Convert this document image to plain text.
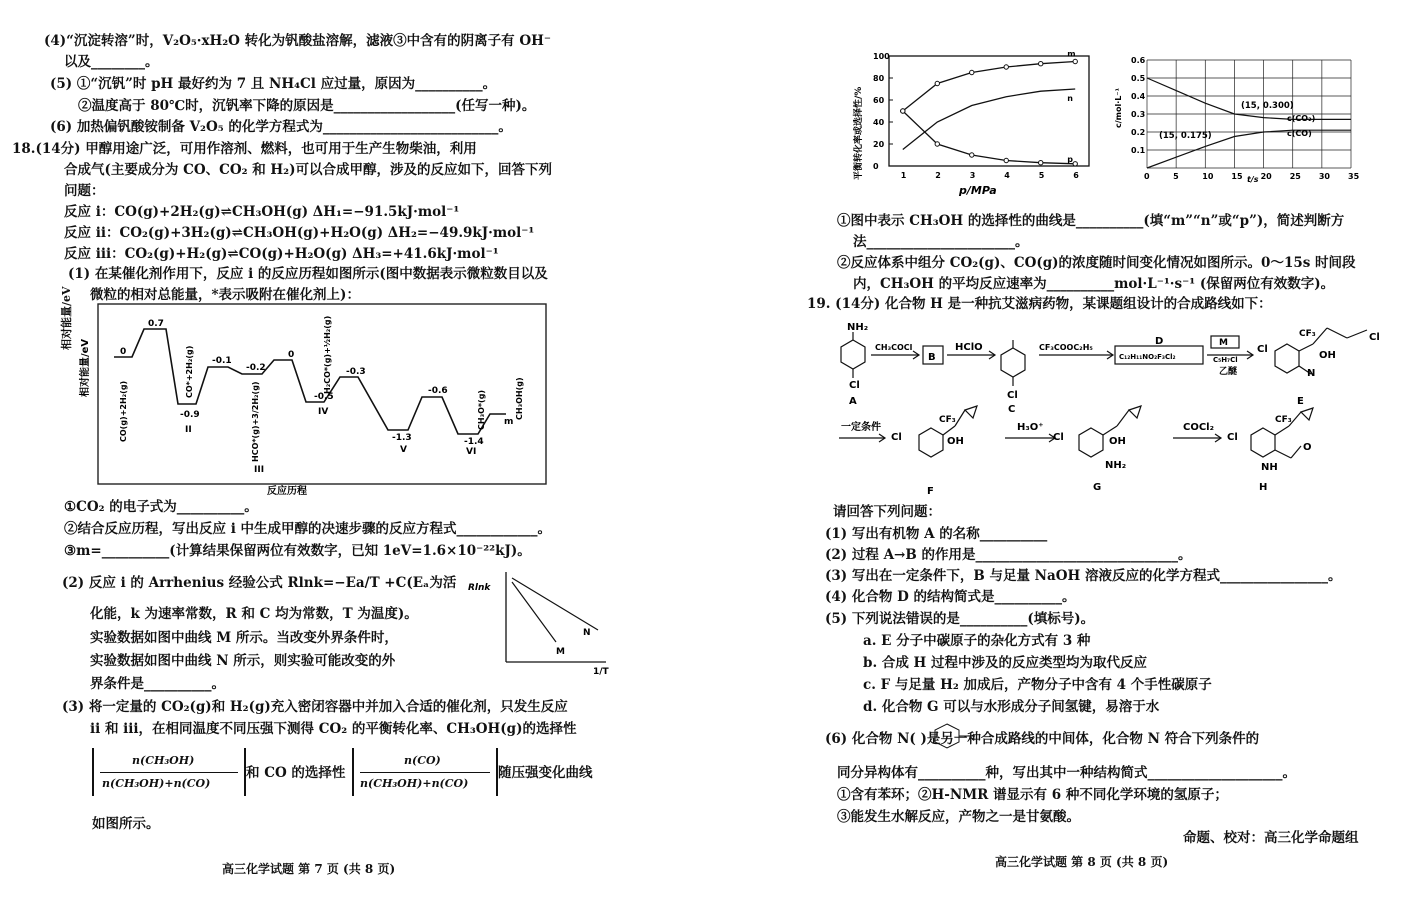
(4)“沉淀转溶”时，V₂O₅·xH₂O 转化为钒酸盐溶解，滤液③中含有的阴离子有 OH⁻
以及________。
(5) ①“沉钒”时 pH 最好约为 7 且 NH₄Cl 应过量，原因为__________。
②温度高于 80℃时，沉钒率下降的原因是__________________(任写一种)。
(6) 加热偏钒酸铵制备 V₂O₅ 的化学方程式为__________________________。
18.(14分) 甲醇用途广泛，可用作溶剂、燃料，也可用于生产生物柴油，利用
合成气(主要成分为 CO、CO₂ 和 H₂)可以合成甲醇，涉及的反应如下，回答下列
问题：
反应 i：CO(g)+2H₂(g)⇌CH₃OH(g) ΔH₁=−91.5kJ·mol⁻¹
反应 ii：CO₂(g)+3H₂(g)⇌CH₃OH(g)+H₂O(g) ΔH₂=−49.9kJ·mol⁻¹
反应 iii：CO₂(g)+H₂(g)⇌CO(g)+H₂O(g) ΔH₃=+41.6kJ·mol⁻¹
(1) 在某催化剂作用下，反应 i 的反应历程如图所示(图中数据表示微粒数目以及
微粒的相对总能量，*表示吸附在催化剂上)：
相对能量/eV	0
0.7
-0.9
-0.1
-0.2
0
-0.5
-0.3
-1.3
-0.6
-1.4
m
II
III
IV
V	VI
CO(g)+2H₂(g)
CO*+2H₂(g)
HCO*(g)+3/2H₂(g)
H₂CO*(g)+½H₂(g)
CH₃O*(g)	CH₃OH(g)
反应历程
相对能量/eV
①CO₂ 的电子式为__________。
②结合反应历程，写出反应 i 中生成甲醇的决速步骤的反应方程式____________。
③m=__________(计算结果保留两位有效数字，已知 1eV=1.6×10⁻²²kJ)。
(2) 反应 i 的 Arrhenius 经验公式 Rlnk=−Ea/T +C(Eₐ为活
化能，k 为速率常数，R 和 C 均为常数，T 为温度)。
实验数据如图中曲线 M 所示。当改变外界条件时，
实验数据如图中曲线 N 所示，则实验可能改变的外
界条件是__________。
Rlnk
N
M
1/T
(3) 将一定量的 CO₂(g)和 H₂(g)充入密闭容器中并加入合适的催化剂，只发生反应
ii 和 iii，在相同温度不同压强下测得 CO₂ 的平衡转化率、CH₃OH(g)的选择性
n(CH₃OH)
n(CH₃OH)+n(CO)
和 CO 的选择性
n(CO)
n(CH₃OH)+n(CO)
随压强变化曲线
如图所示。
高三化学试题 第 7 页 (共 8 页)
0
20
40
60
80
100
1	2	3	4	5	6
m
n
p
平衡转化率或选择性/%
p/MPa
0	5	10 15 20 25 30 35
0.1
0.2
0.3
0.4
0.5
0.6
c/mol·L⁻¹
t/s
(15, 0.300)
(15, 0.175)
c(CO₂)
c(CO)
①图中表示 CH₃OH 的选择性的曲线是__________(填“m”“n”或“p”)，简述判断方
法______________________。
②反应体系中组分 CO₂(g)、CO(g)的浓度随时间变化情况如图所示。0～15s 时间段
内，CH₃OH 的平均反应速率为__________mol·L⁻¹·s⁻¹ (保留两位有效数字)。
19. (14分) 化合物 H 是一种抗艾滋病药物，某课题组设计的合成路线如下：
NH₂
Cl
A
CH₃COCl
B
HClO
Cl
C
CF₃COOC₂H₅
D
C₁₂H₁₁NO₂F₃Cl₂
M
C₅H₇Cl
乙醚
Cl
CF₃
OH
N
Cl
E
一定条件
Cl	OH
CF₃
F
H₃O⁺
Cl	OH
NH₂
G
COCl₂
Cl
CF₃
NH
O
H
请回答下列问题：
(1) 写出有机物 A 的名称__________
(2) 过程 A→B 的作用是______________________________。
(3) 写出在一定条件下，B 与足量 NaOH 溶液反应的化学方程式________________。
(4) 化合物 D 的结构简式是__________。
(5) 下列说法错误的是__________(填标号)。
a. E 分子中碳原子的杂化方式有 3 种
b. 合成 H 过程中涉及的反应类型均为取代反应
c. F 与足量 H₂ 加成后，产物分子中含有 4 个手性碳原子
d. 化合物 G 可以与水形成分子间氢键，易溶于水
(6) 化合物 N( )是另一种合成路线的中间体，化合物 N 符合下列条件的
同分异构体有__________种，写出其中一种结构简式____________________。
①含有苯环；②H-NMR 谱显示有 6 种不同化学环境的氢原子；
③能发生水解反应，产物之一是甘氨酸。
命题、校对：高三化学命题组
高三化学试题 第 8 页 (共 8 页)
